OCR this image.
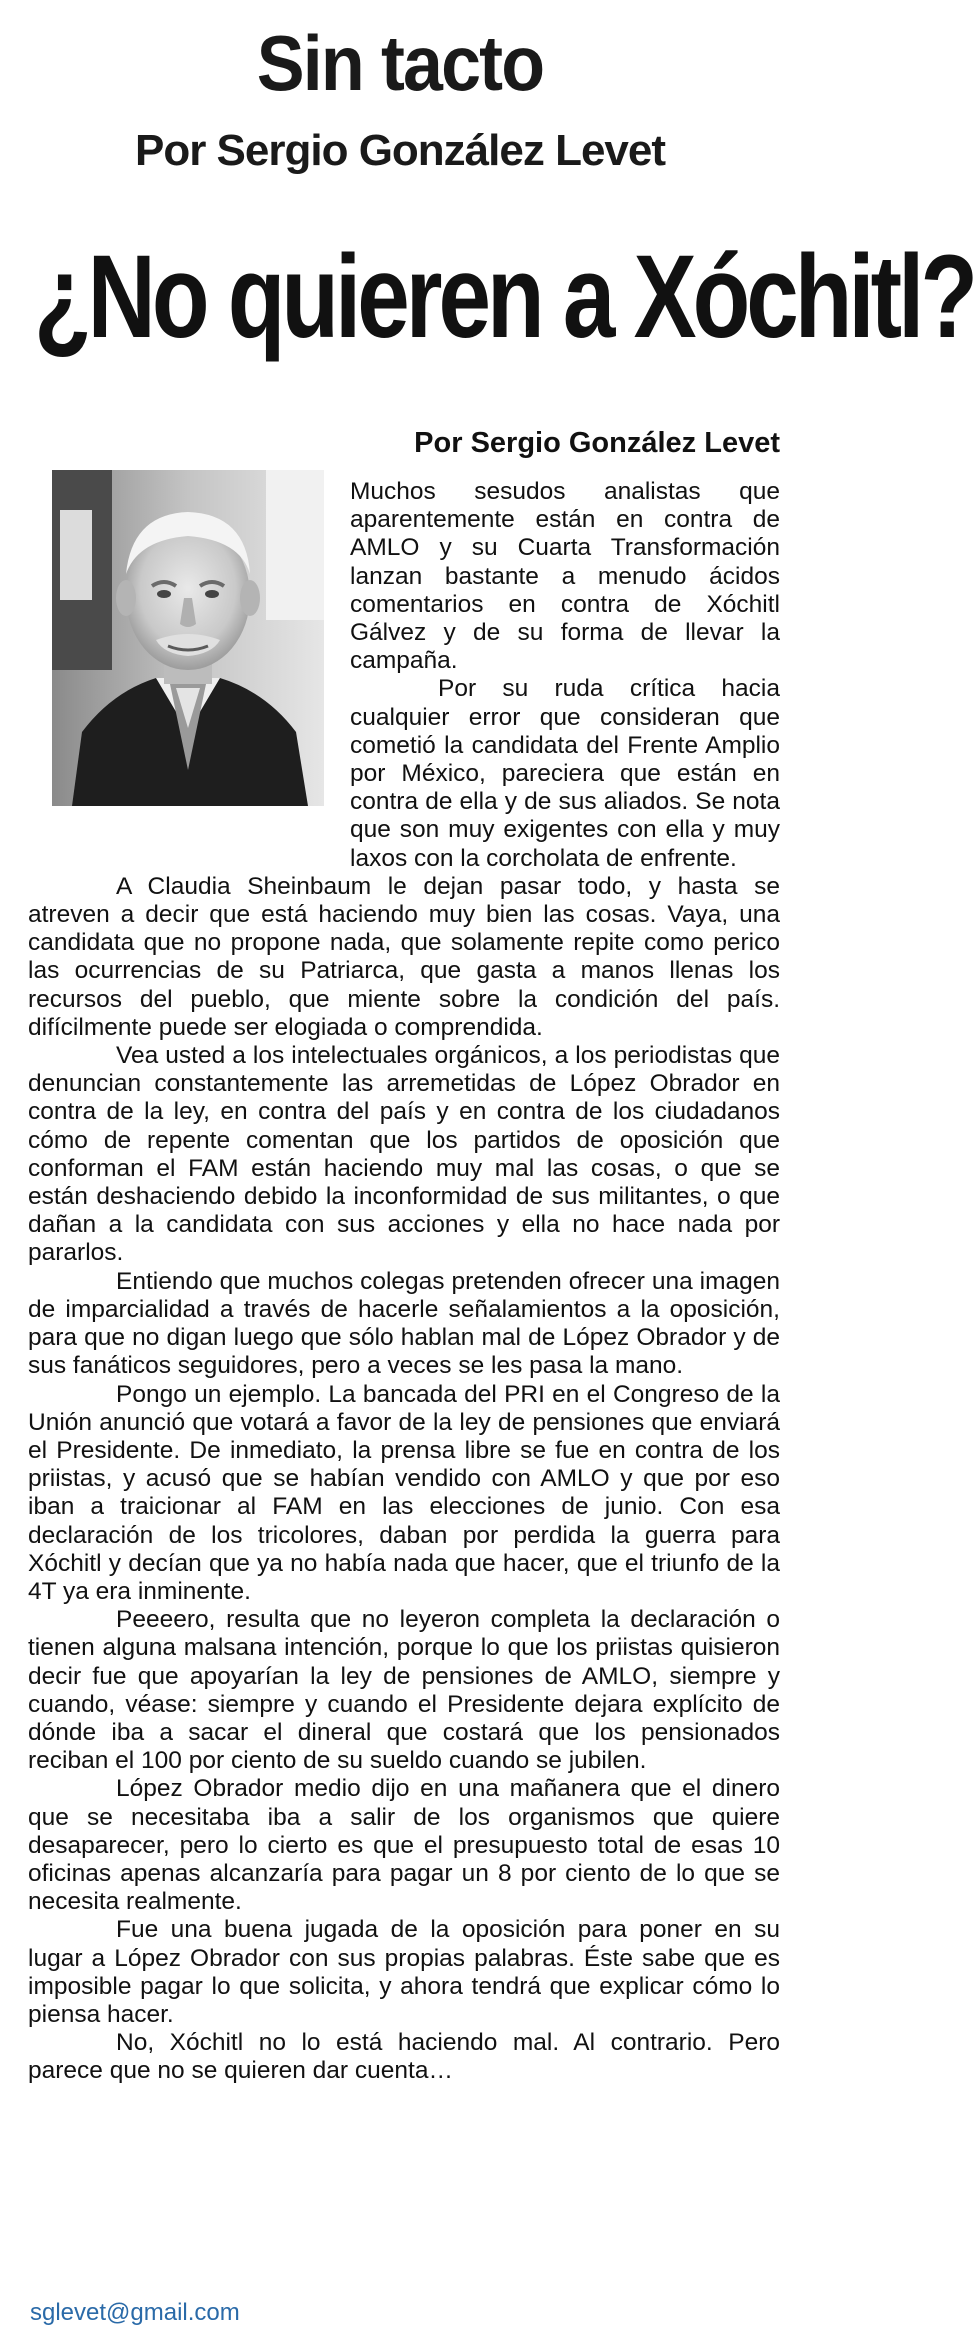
Sin tacto
Por Sergio González Levet
¿No quieren a Xóchitl?
Por Sergio González Levet

Muchos sesudos analistas que aparentemente están en contra de AMLO y su Cuarta Transformación lanzan bastante a menudo ácidos comentarios en contra de Xóchitl Gálvez y de su forma de llevar la campaña.

Por su ruda crítica hacia cualquier error que consideran que cometió la candidata del Frente Amplio por México, pareciera que están en contra de ella y de sus aliados. Se nota que son muy exigentes con ella y muy laxos con la corcholata de enfrente.

A Claudia Sheinbaum le dejan pasar todo, y hasta se atreven a decir que está haciendo muy bien las cosas. Vaya, una candidata que no propone nada, que solamente repite como perico las ocurrencias de su Patriarca, que gasta a manos llenas los recursos del pueblo, que miente sobre la condición del país. difícilmente puede ser elogiada o comprendida.

Vea usted a los intelectuales orgánicos, a los periodistas que denuncian constantemente las arremetidas de López Obrador en contra de la ley, en contra del país y en contra de los ciudadanos cómo de repente comentan que los partidos de oposición que conforman el FAM están haciendo muy mal las cosas, o que se están deshaciendo debido la inconformidad de sus militantes, o que dañan a la candidata con sus acciones y ella no hace nada por pararlos.

Entiendo que muchos colegas pretenden ofrecer una imagen de imparcialidad a través de hacerle señalamientos a la oposición, para que no digan luego que sólo hablan mal de López Obrador y de sus fanáticos seguidores, pero a veces se les pasa la mano.

Pongo un ejemplo. La bancada del PRI en el Congreso de la Unión anunció que votará a favor de la ley de pensiones que enviará el Presidente. De inmediato, la prensa libre se fue en contra de los priistas, y acusó que se habían vendido con AMLO y que por eso iban a traicionar al FAM en las elecciones de junio. Con esa declaración de los tricolores, daban por perdida la guerra para Xóchitl y decían que ya no había nada que hacer, que el triunfo de la 4T ya era inminente.

Peeeero, resulta que no leyeron completa la declaración o tienen alguna malsana intención, porque lo que los priistas quisieron decir fue que apoyarían la ley de pensiones de AMLO, siempre y cuando, véase: siempre y cuando el Presidente dejara explícito de dónde iba a sacar el dineral que costará que los pensionados reciban el 100 por ciento de su sueldo cuando se jubilen.

López Obrador medio dijo en una mañanera que el dinero que se necesitaba iba a salir de los organismos que quiere desaparecer, pero lo cierto es que el presupuesto total de esas 10 oficinas apenas alcanzaría para pagar un 8 por ciento de lo que se necesita realmente.

Fue una buena jugada de la oposición para poner en su lugar a López Obrador con sus propias palabras. Éste sabe que es imposible pagar lo que solicita, y ahora tendrá que explicar cómo lo piensa hacer.

No, Xóchitl no lo está haciendo mal. Al contrario. Pero parece que no se quieren dar cuenta…

sglevet@gmail.com
